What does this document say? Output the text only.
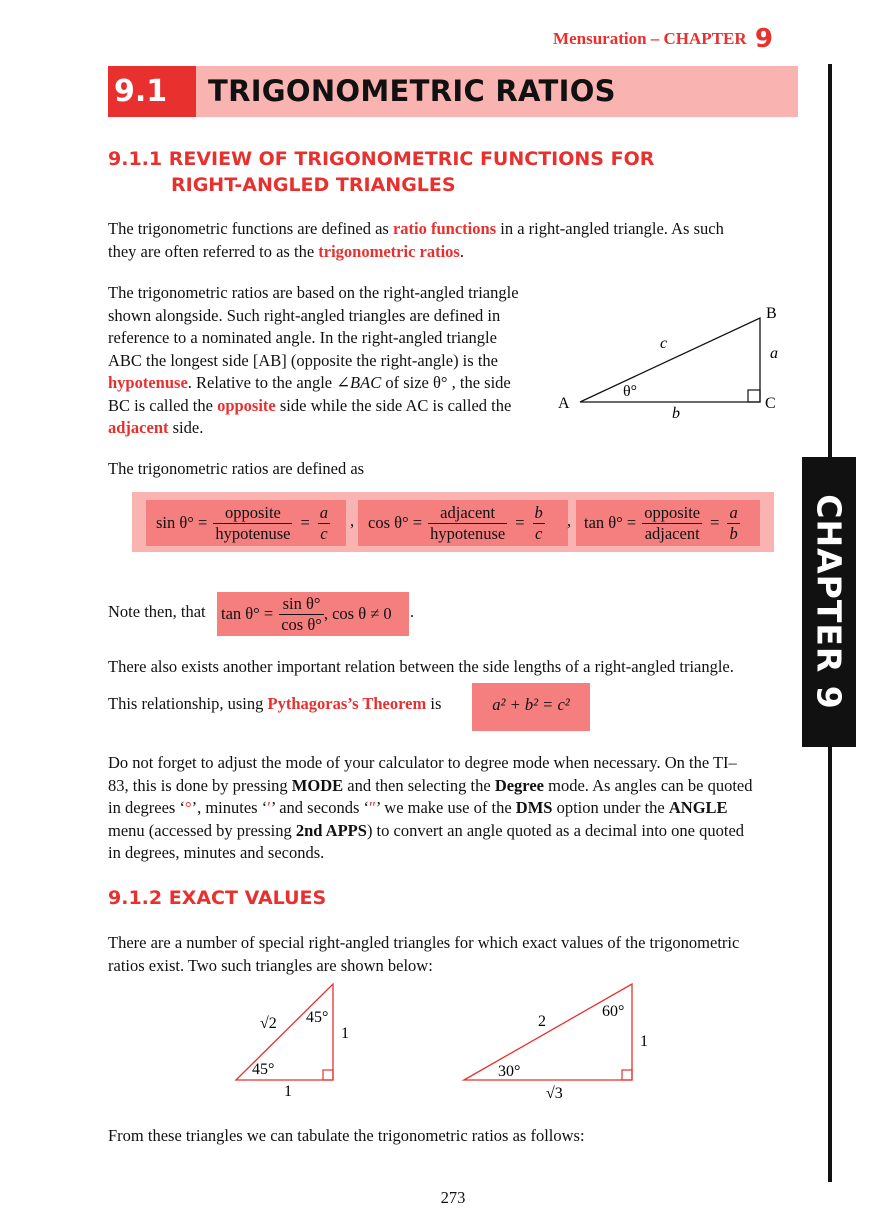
Mensuration – CHAPTER 9
CHAPTER 9
9.1	TRIGONOMETRIC RATIOS
9.1.1 REVIEW OF TRIGONOMETRIC FUNCTIONS FOR
RIGHT-ANGLED TRIANGLES
The trigonometric functions are defined as ratio functions in a right-angled triangle. As such
they are often referred to as the trigonometric ratios.
The trigonometric ratios are based on the right-angled triangle
shown alongside. Such right-angled triangles are defined in
reference to a nominated angle. In the right-angled triangle
ABC the longest side [AB] (opposite the right-angle) is the
hypotenuse. Relative to the angle ∠BAC of size θ° , the side
BC is called the opposite side while the side AC is called the
adjacent side.
A
B
C
a
b
c
θ°
The trigonometric ratios are defined as
$\sin \theta^\circ = \frac{\text{opposite}}{\text{hypotenuse}} = \frac{a}{c}$ , $\cos \theta^\circ = \frac{\text{adjacent}}{\text{hypotenuse}} = \frac{b}{c}$ , $\tan \theta^\circ = \frac{\text{opposite}}{\text{adjacent}} = \frac{a}{b}$
Note then, that $\tan \theta^\circ = \frac{\text{sin θ°}}{\text{cos θ°}}$ , cos θ ≠ 0 .
There also exists another important relation between the side lengths of a right-angled triangle.
This relationship, using Pythagoras’s Theorem is	a² + b² = c²
Do not forget to adjust the mode of your calculator to degree mode when necessary. On the TI–
83, this is done by pressing MODE and then selecting the Degree mode. As angles can be quoted
in degrees ‘°’, minutes ‘′’ and seconds ‘″’ we make use of the DMS option under the ANGLE
menu (accessed by pressing 2nd APPS) to convert an angle quoted as a decimal into one quoted
in degrees, minutes and seconds.
9.1.2 EXACT VALUES
There are a number of special right-angled triangles for which exact values of the trigonometric
ratios exist. Two such triangles are shown below:
√2 45°
1
45°
1
2
60°
1
30°
√3
From these triangles we can tabulate the trigonometric ratios as follows:
273
